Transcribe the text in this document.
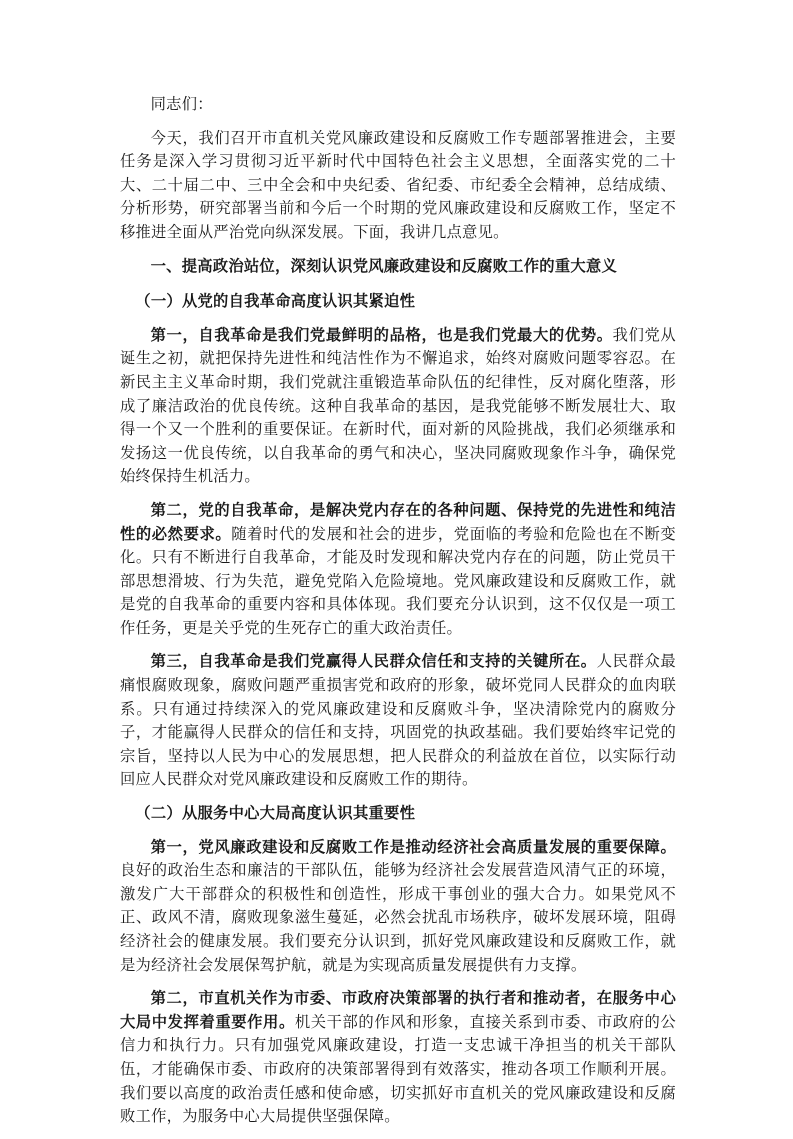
同志们：

今天，我们召开市直机关党风廉政建设和反腐败工作专题部署推进会，主要任务是深入学习贯彻习近平新时代中国特色社会主义思想，全面落实党的二十大、二十届二中、三中全会和中央纪委、省纪委、市纪委全会精神，总结成绩、分析形势，研究部署当前和今后一个时期的党风廉政建设和反腐败工作，坚定不移推进全面从严治党向纵深发展。下面，我讲几点意见。

一、提高政治站位，深刻认识党风廉政建设和反腐败工作的重大意义

（一）从党的自我革命高度认识其紧迫性

第一，自我革命是我们党最鲜明的品格，也是我们党最大的优势。我们党从诞生之初，就把保持先进性和纯洁性作为不懈追求，始终对腐败问题零容忍。在新民主主义革命时期，我们党就注重锻造革命队伍的纪律性，反对腐化堕落，形成了廉洁政治的优良传统。这种自我革命的基因，是我党能够不断发展壮大、取得一个又一个胜利的重要保证。在新时代，面对新的风险挑战，我们必须继承和发扬这一优良传统，以自我革命的勇气和决心，坚决同腐败现象作斗争，确保党始终保持生机活力。

第二，党的自我革命，是解决党内存在的各种问题、保持党的先进性和纯洁性的必然要求。随着时代的发展和社会的进步，党面临的考验和危险也在不断变化。只有不断进行自我革命，才能及时发现和解决党内存在的问题，防止党员干部思想滑坡、行为失范，避免党陷入危险境地。党风廉政建设和反腐败工作，就是党的自我革命的重要内容和具体体现。我们要充分认识到，这不仅仅是一项工作任务，更是关乎党的生死存亡的重大政治责任。

第三，自我革命是我们党赢得人民群众信任和支持的关键所在。人民群众最痛恨腐败现象，腐败问题严重损害党和政府的形象，破坏党同人民群众的血肉联系。只有通过持续深入的党风廉政建设和反腐败斗争，坚决清除党内的腐败分子，才能赢得人民群众的信任和支持，巩固党的执政基础。我们要始终牢记党的宗旨，坚持以人民为中心的发展思想，把人民群众的利益放在首位，以实际行动回应人民群众对党风廉政建设和反腐败工作的期待。

（二）从服务中心大局高度认识其重要性

第一，党风廉政建设和反腐败工作是推动经济社会高质量发展的重要保障。良好的政治生态和廉洁的干部队伍，能够为经济社会发展营造风清气正的环境，激发广大干部群众的积极性和创造性，形成干事创业的强大合力。如果党风不正、政风不清，腐败现象滋生蔓延，必然会扰乱市场秩序，破坏发展环境，阻碍经济社会的健康发展。我们要充分认识到，抓好党风廉政建设和反腐败工作，就是为经济社会发展保驾护航，就是为实现高质量发展提供有力支撑。

第二，市直机关作为市委、市政府决策部署的执行者和推动者，在服务中心大局中发挥着重要作用。机关干部的作风和形象，直接关系到市委、市政府的公信力和执行力。只有加强党风廉政建设，打造一支忠诚干净担当的机关干部队伍，才能确保市委、市政府的决策部署得到有效落实，推动各项工作顺利开展。我们要以高度的政治责任感和使命感，切实抓好市直机关的党风廉政建设和反腐败工作，为服务中心大局提供坚强保障。
